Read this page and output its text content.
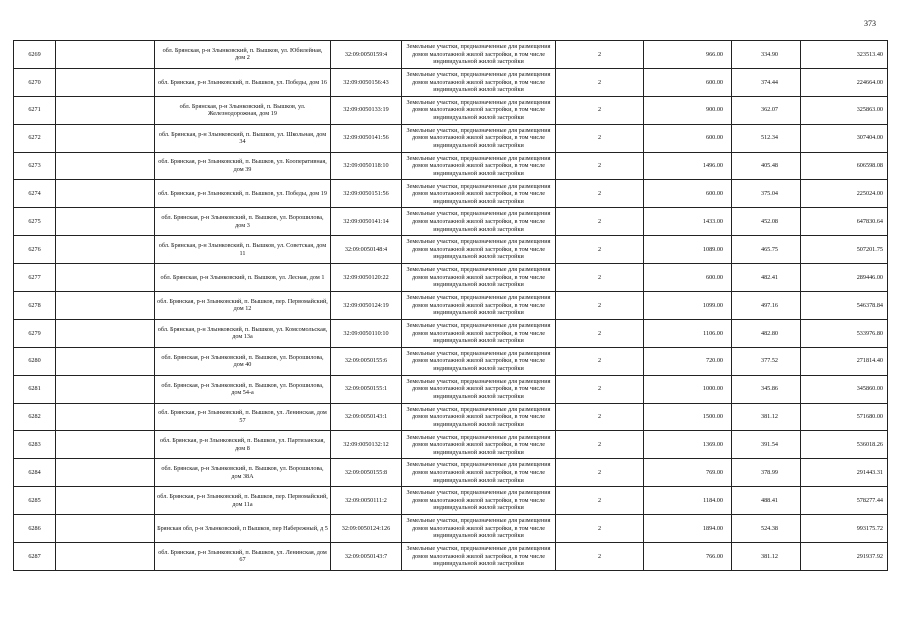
373
6269		обл. Брянская, р-н Злынковский, п. Вышков, ул. Юбилейная, дом 2	32:09:0050159:4	Земельные участки, предназначенные для размещения домов малоэтажной жилой застройки, в том числе индивидуальной жилой застройки	2	966.00	334.90	323513.40
6270		обл. Брянская, р-н Злынковский, п. Вышков, ул. Победы, дом 16	32:09:0050156:43	Земельные участки, предназначенные для размещения домов малоэтажной жилой застройки, в том числе индивидуальной жилой застройки	2	600.00	374.44	224664.00
6271		обл. Брянская, р-н Злынковский, п. Вышков, ул. Железнодорожная, дом 19	32:09:0050133:19	Земельные участки, предназначенные для размещения домов малоэтажной жилой застройки, в том числе индивидуальной жилой застройки	2	900.00	362.07	325863.00
6272		обл. Брянская, р-н Злынковский, п. Вышков, ул. Школьная, дом 34	32:09:0050141:56	Земельные участки, предназначенные для размещения домов малоэтажной жилой застройки, в том числе индивидуальной жилой застройки	2	600.00	512.34	307404.00
6273		обл. Брянская, р-н Злынковский, п. Вышков, ул. Кооперативная, дом 39	32:09:0050118:10	Земельные участки, предназначенные для размещения домов малоэтажной жилой застройки, в том числе индивидуальной жилой застройки	2	1496.00	405.48	606598.08
6274		обл. Брянская, р-н Злынковский, п. Вышков, ул. Победы, дом 19	32:09:0050151:56	Земельные участки, предназначенные для размещения домов малоэтажной жилой застройки, в том числе индивидуальной жилой застройки	2	600.00	375.04	225024.00
6275		обл. Брянская, р-н Злынковский, п. Вышков, ул. Ворошилова, дом 3	32:09:0050141:14	Земельные участки, предназначенные для размещения домов малоэтажной жилой застройки, в том числе индивидуальной жилой застройки	2	1433.00	452.08	647830.64
6276		обл. Брянская, р-н Злынковский, п. Вышков, ул. Советская, дом 11	32:09:0050148:4	Земельные участки, предназначенные для размещения домов малоэтажной жилой застройки, в том числе индивидуальной жилой застройки	2	1089.00	465.75	507201.75
6277		обл. Брянская, р-н Злынковский, п. Вышков, ул. Лесная, дом 1	32:09:0050120:22	Земельные участки, предназначенные для размещения домов малоэтажной жилой застройки, в том числе индивидуальной жилой застройки	2	600.00	482.41	289446.00
6278		обл. Брянская, р-н Злынковский, п. Вышков, пер. Первомайский, дом 12	32:09:0050124:19	Земельные участки, предназначенные для размещения домов малоэтажной жилой застройки, в том числе индивидуальной жилой застройки	2	1099.00	497.16	546378.84
6279		обл. Брянская, р-н Злынковский, п. Вышков, ул. Комсомольская, дом 13а	32:09:0050110:10	Земельные участки, предназначенные для размещения домов малоэтажной жилой застройки, в том числе индивидуальной жилой застройки	2	1106.00	482.80	533976.80
6280		обл. Брянская, р-н Злынковский, п. Вышков, ул. Ворошилова, дом 40	32:09:0050155:6	Земельные участки, предназначенные для размещения домов малоэтажной жилой застройки, в том числе индивидуальной жилой застройки	2	720.00	377.52	271814.40
6281		обл. Брянская, р-н Злынковский, п. Вышков, ул. Ворошилова, дом 54-а	32:09:0050155:1	Земельные участки, предназначенные для размещения домов малоэтажной жилой застройки, в том числе индивидуальной жилой застройки	2	1000.00	345.86	345860.00
6282		обл. Брянская, р-н Злынковский, п. Вышков, ул. Ленинская, дом 57	32:09:0050143:1	Земельные участки, предназначенные для размещения домов малоэтажной жилой застройки, в том числе индивидуальной жилой застройки	2	1500.00	381.12	571680.00
6283		обл. Брянская, р-н Злынковский, п. Вышков, ул. Партизанская, дом 8	32:09:0050132:12	Земельные участки, предназначенные для размещения домов малоэтажной жилой застройки, в том числе индивидуальной жилой застройки	2	1369.00	391.54	536018.26
6284		обл. Брянская, р-н Злынковский, п. Вышков, ул. Ворошилова, дом 38А	32:09:0050155:8	Земельные участки, предназначенные для размещения домов малоэтажной жилой застройки, в том числе индивидуальной жилой застройки	2	769.00	378.99	291443.31
6285		обл. Брянская, р-н Злынковский, п. Вышков, пер. Первомайский, дом 11а	32:09:0050111:2	Земельные участки, предназначенные для размещения домов малоэтажной жилой застройки, в том числе индивидуальной жилой застройки	2	1184.00	488.41	578277.44
6286		Брянская обл, р-н Злынковский, п Вышков, пер Набережный, д 5	32:09:0050124:126	Земельные участки, предназначенные для размещения домов малоэтажной жилой застройки, в том числе индивидуальной жилой застройки	2	1894.00	524.38	993175.72
6287		обл. Брянская, р-н Злынковский, п. Вышков, ул. Ленинская, дом 67	32:09:0050143:7	Земельные участки, предназначенные для размещения домов малоэтажной жилой застройки, в том числе индивидуальной жилой застройки	2	766.00	381.12	291937.92
